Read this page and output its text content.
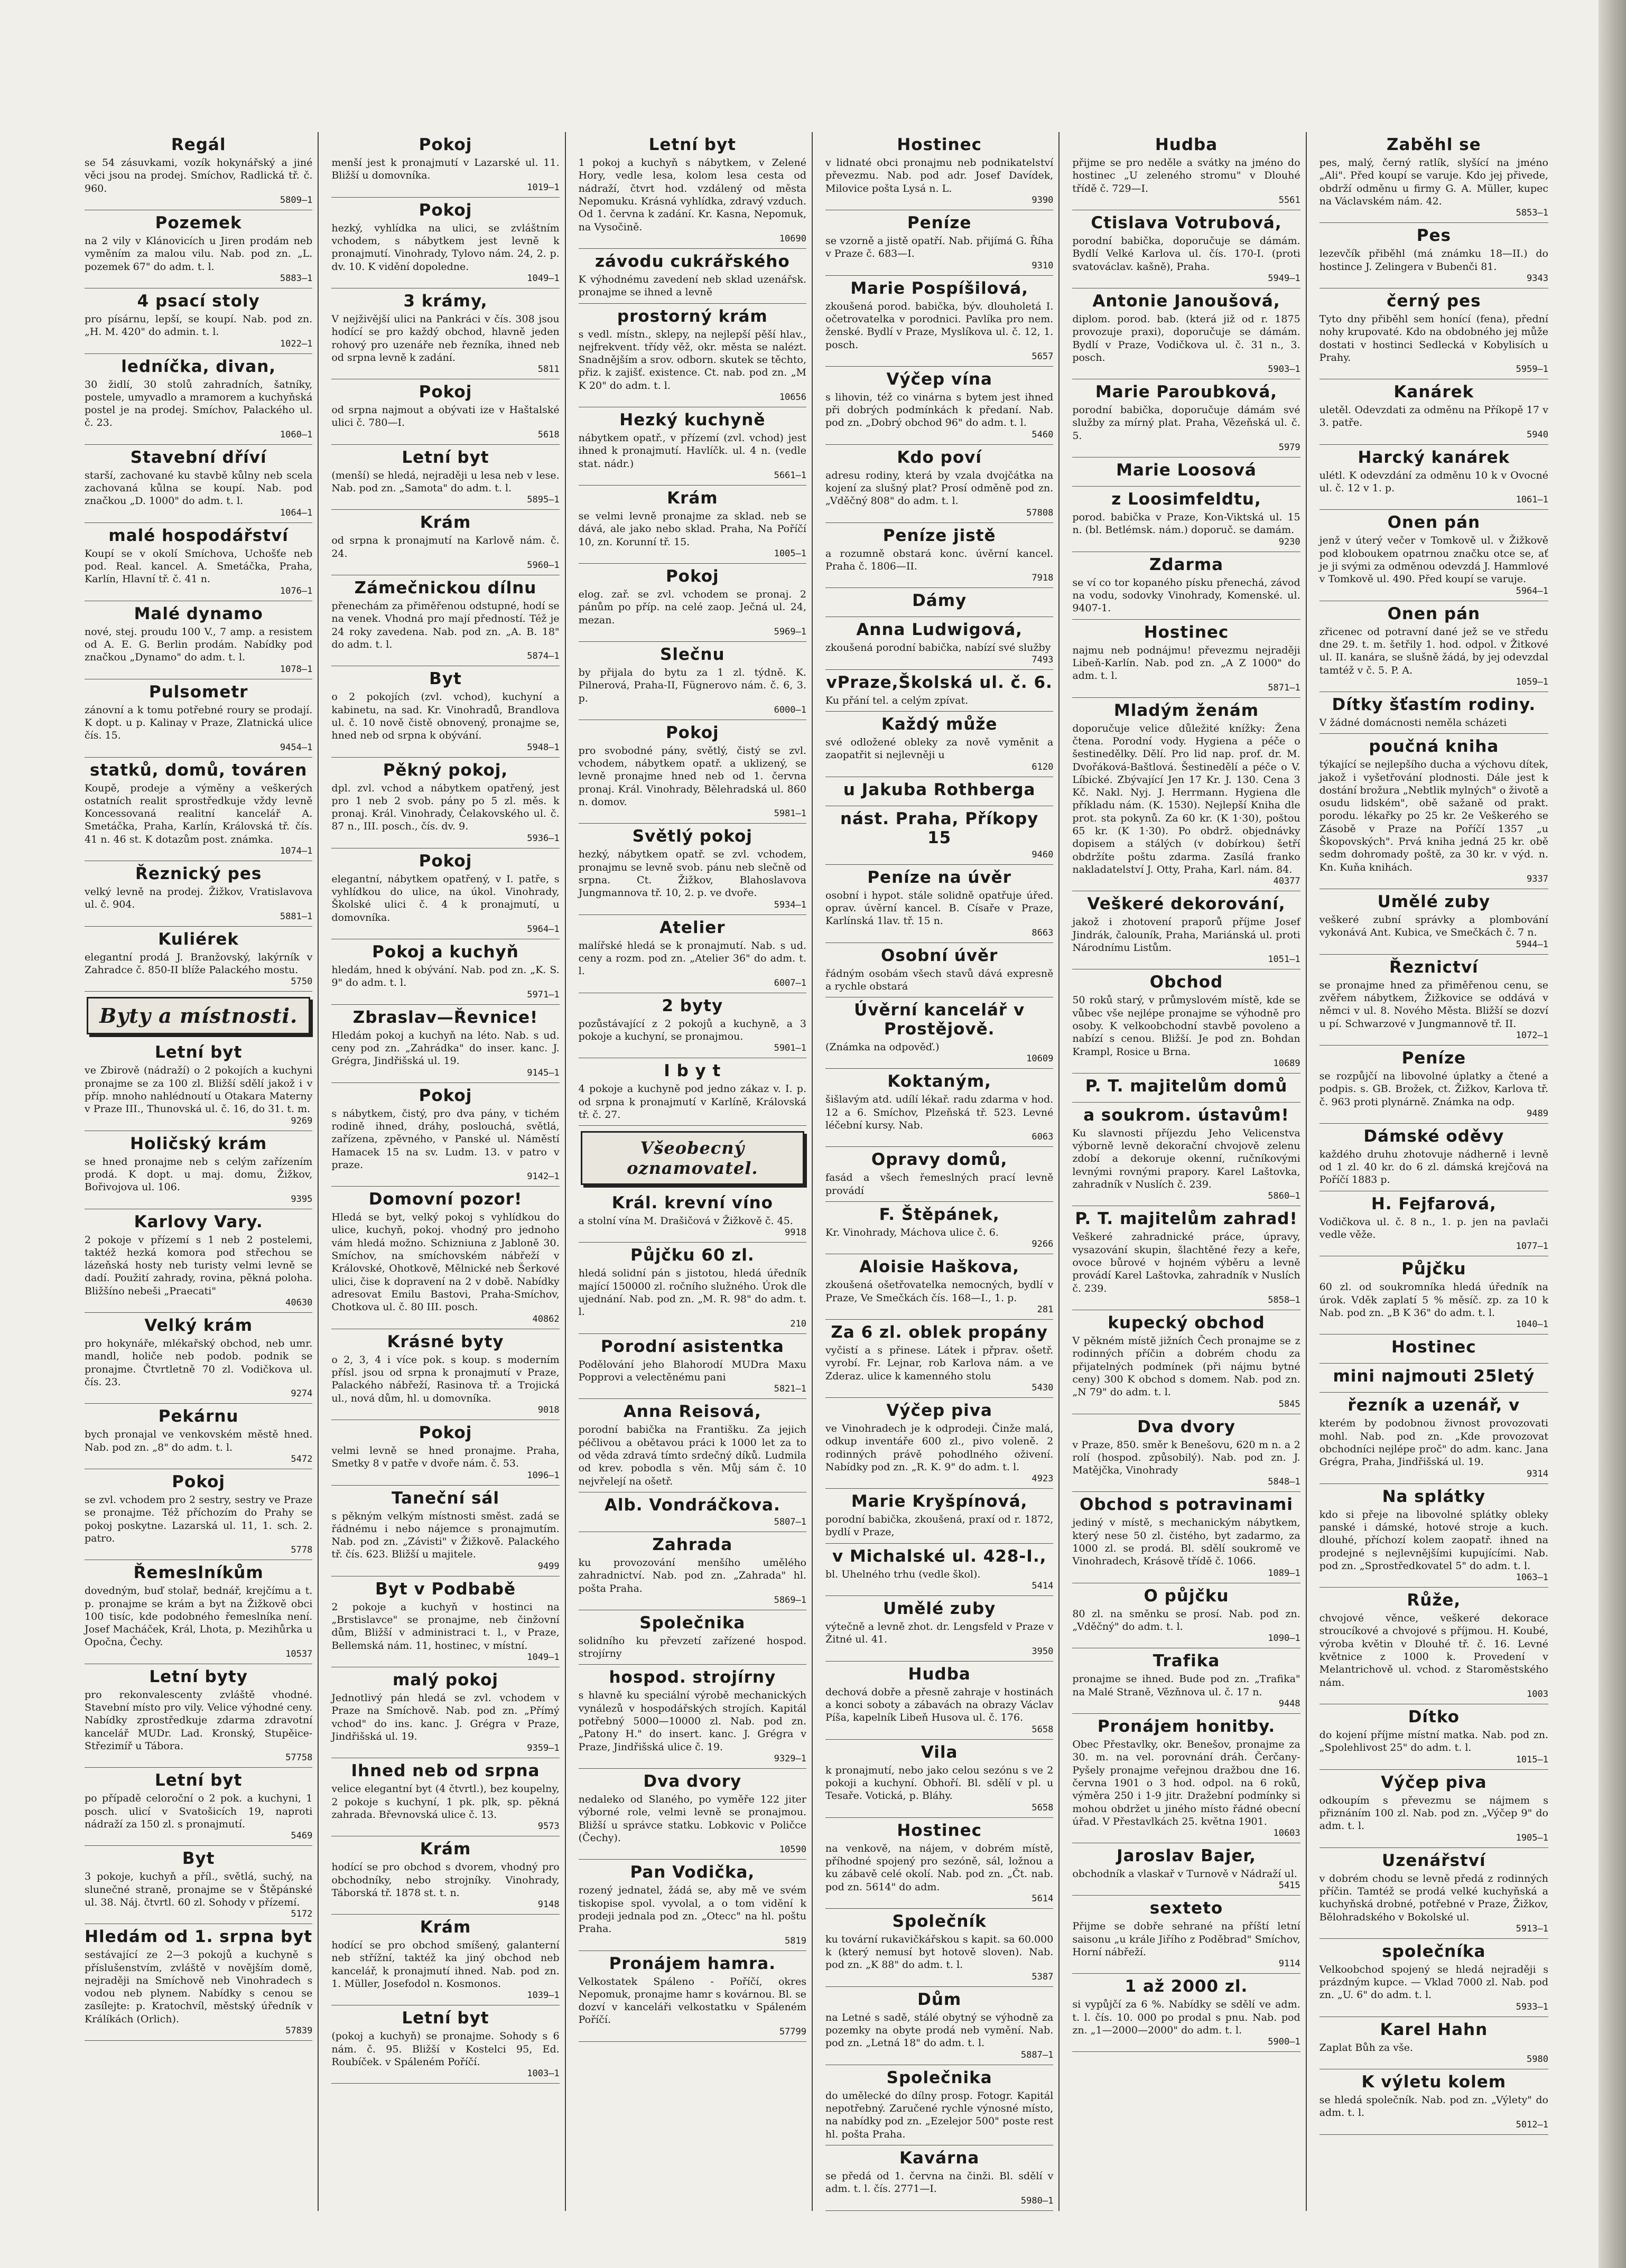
Regál
se 54 zásuvkami, vozík hokynářský a jiné věci jsou na prodej. Smíchov, Radlická tř. č. 960.
5809—1
Pozemek
na 2 vily v Klánovicích u Jiren prodám neb vyměním za malou vilu. Nab. pod zn. „L. pozemek 67" do adm. t. l.
5883—1
4 psací stoly
pro písárnu, lepší, se koupí. Nab. pod zn. „H. M. 420" do admin. t. l.
1022—1
ledníčka, divan,
30 židlí, 30 stolů zahradních, šatníky, postele, umyvadlo a mramorem a kuchyňská postel je na prodej. Smíchov, Palackého ul. č. 23.
1060—1
Stavební dříví
starší, zachované ku stavbě kůlny neb scela zachovaná kůlna se koupí. Nab. pod značkou „D. 1000" do adm. t. l.
1064—1
malé hospodářství
Koupí se v okolí Smíchova, Uchošťe neb pod. Real. kancel. A. Smetáčka, Praha, Karlín, Hlavní tř. č. 41 n.
1076—1
Malé dynamo
nové, stej. proudu 100 V., 7 amp. a resistem od A. E. G. Berlin prodám. Nabídky pod značkou „Dynamo" do adm. t. l.
1078—1
Pulsometr
zánovní a k tomu potřebné roury se prodají. K dopt. u p. Kalinay v Praze, Zlatnická ulice čís. 15.
9454—1
statků, domů, továren
Koupě, prodeje a výměny a veškerých ostatních realit sprostředkuje vždy levně Koncessovaná realitní kancelář A. Smetáčka, Praha, Karlín, Královská tř. čís. 41 n. 46 st. K dotazům post. známka.
1074—1
Řeznický pes
velký levně na prodej. Žižkov, Vratislavova ul. č. 904.
5881—1
Kuliérek
elegantní prodá J. Branžovský, lakýrník v Zahradce č. 850-II blíže Palackého mostu.
5750
Byty a místnosti.
Letní byt
ve Zbirově (nádraží) o 2 pokojích a kuchyni pronajme se za 100 zl. Bližší sdělí jakož i v příp. mnoho nahlédnoutí u Otakara Materny v Praze III., Thunovská ul. č. 16, do 31. t. m.
9269
Holičský krám
se hned pronajme neb s celým zařízením prodá. K dopt. u maj. domu, Žižkov, Bořivojova ul. 106.
9395
Karlovy Vary.
2 pokoje v přízemí s 1 neb 2 postelemi, taktéž hezká komora pod střechou se lázeňská hosty neb turisty velmi levně se dadí. Použití zahrady, rovina, pěkná poloha. Bližšíno nebeši „Praecati"
40630
Velký krám
pro hokynáře, mlékařský obchod, neb umr. mandl, holiče neb podob. podnik se pronajme. Čtvrtletně 70 zl. Vodičkova ul. čís. 23.
9274
Pekárnu
bych pronajal ve venkovském městě hned. Nab. pod zn. „8" do adm. t. l.
5472
Pokoj
se zvl. vchodem pro 2 sestry, sestry ve Praze se pronajme. Též příchozím do Prahy se pokoj poskytne. Lazarská ul. 11, 1. sch. 2. patro.
5778
Řemeslníkům
dovedným, buď stolař, bednář, krejčímu a t. p. pronajme se krám a byt na Žižkově obci 100 tisíc, kde podobného řemeslníka není. Josef Macháček, Král, Lhota, p. Mezihůrka u Opočna, Čechy.
10537
Letní byty
pro rekonvalescenty zvláště vhodné. Stavební místo pro vily. Velice výhodné ceny. Nabídky zprostředkuje zdarma zdravotní kancelář MUDr. Lad. Kronský, Stupěice-Střezimíř u Tábora.
57758
Letní byt
po případě celoroční o 2 pok. a kuchyni, 1 posch. ulicí v Svatošicích 19, naproti nádraží za 150 zl. s pronajmutí.
5469
Byt
3 pokoje, kuchyň a příl., světlá, suchý, na slunečné straně, pronajme se v Štěpánské ul. 38. Náj. čtvrtl. 60 zl. Sohody v přízemí.
5172
Hledám od 1. srpna byt
sestávající ze 2—3 pokojů a kuchyně s příslušenstvím, zvláště v novějším domě, nejraději na Smíchově neb Vinohradech s vodou neb plynem. Nabídky s cenou se zasílejte: p. Kratochvíl, městský úředník v Králíkách (Orlich).
57839
Pokoj
menší jest k pronajmutí v Lazarské ul. 11. Bližší u domovníka.
1019—1
Pokoj
hezký, vyhlídka na ulici, se zvláštním vchodem, s nábytkem jest levně k pronajmutí. Vinohrady, Tylovo nám. 24, 2. p. dv. 10. K vidění dopoledne.
1049—1
3 krámy,
V nejživější ulici na Pankráci v čís. 308 jsou hodící se pro každý obchod, hlavně jeden rohový pro uzenáře neb řezníka, ihned neb od srpna levně k zadání.
5811
Pokoj
od srpna najmout a obývati ize v Haštalské ulici č. 780—I.
5618
Letní byt
(menší) se hledá, nejraději u lesa neb v lese. Nab. pod zn. „Samota" do adm. t. l.
5895—1
Krám
od srpna k pronajmutí na Karlově nám. č. 24.
5960—1
Zámečnickou dílnu
přenechám za přiměřenou odstupné, hodí se na venek. Vhodná pro mají předností. Též je 24 roky zavedena. Nab. pod zn. „A. B. 18" do adm. t. l.
5874—1
Byt
o 2 pokojích (zvl. vchod), kuchyní a kabinetu, na sad. Kr. Vinohradů, Brandlova ul. č. 10 nově čistě obnovený, pronajme se, hned neb od srpna k obývání.
5948—1
Pěkný pokoj,
dpl. zvl. vchod a nábytkem opatřený, jest pro 1 neb 2 svob. pány po 5 zl. měs. k pronaj. Král. Vinohrady, Čelakovského ul. č. 87 n., III. posch., čís. dv. 9.
5936—1
Pokoj
elegantní, nábytkem opatřený, v I. patře, s vyhlídkou do ulice, na úkol. Vinohrady, Školské ulici č. 4 k pronajmutí, u domovníka.
5964—1
Pokoj a kuchyň
hledám, hned k obývání. Nab. pod zn. „K. S. 9" do adm. t. l.
5971—1
Zbraslav—Řevnice!
Hledám pokoj a kuchyň na léto. Nab. s ud. ceny pod zn. „Zahrádka" do inser. kanc. J. Grégra, Jindřišská ul. 19.
9145—1
Pokoj
s nábytkem, čistý, pro dva pány, v tichém rodině ihned, dráhy, poslouchá, světlá, zařízena, zpěvného, v Panské ul. Náměstí Hamacek 15 na sv. Ludm. 13. v patro v praze.
9142—1
Domovní pozor!
Hledá se byt, velký pokoj s vyhlídkou do ulice, kuchyň, pokoj. vhodný pro jednoho vám hledá možno. Schizniuna z Jabloně 30. Smíchov, na smíchovském nábřeží v Královské, Ohotkově, Mělnické neb Šerkové ulici, čise k dopravení na 2 v době. Nabídky adresovat Emilu Bastovi, Praha-Smíchov, Chotkova ul. č. 80 III. posch.
40862
Krásné byty
o 2, 3, 4 i více pok. s koup. s moderním přísl. jsou od srpna k pronajmutí v Praze, Palackého nábřeží, Rasinova tř. a Trojická ul., nová dům, hl. u domovníka.
9018
Pokoj
velmi levně se hned pronajme. Praha, Smetky 8 v patře v dvoře nám. č. 53.
1096—1
Taneční sál
s pěkným velkým místnosti směst. zadá se řádnému i nebo nájemce s pronajmutím. Nab. pod zn. „Závisti" v Žižkově. Palackého tř. čís. 623. Bližší u majitele.
9499
Byt v Podbabě
2 pokoje a kuchyň v hostinci na „Brstislavce" se pronajme, neb činžovní dům, Bližší v administraci t. l., v Praze, Bellemská nám. 11, hostinec, v místní.
1049—1
malý pokoj
Jednotlivý pán hledá se zvl. vchodem v Praze na Smíchově. Nab. pod zn. „Přímý vchod" do ins. kanc. J. Grégra v Praze, Jindřišská ul. 19.
9359—1
Ihned neb od srpna
velice elegantní byt (4 čtvrtl.), bez koupelny, 2 pokoje s kuchyní, 1 pk. plk, sp. pěkná zahrada. Břevnovská ulice č. 13.
9573
Krám
hodící se pro obchod s dvorem, vhodný pro obchodníky, nebo strojníky. Vinohrady, Táborská tř. 1878 st. t. n.
9148
Krám
hodící se pro obchod smíšený, galanterní neb střížní, taktéž ka jiný obchod neb kancelář, k pronajmutí ihned. Nab. pod zn. 1. Müller, Josefodol n. Kosmonos.
1039—1
Letní byt
(pokoj a kuchyň) se pronajme. Sohody s 6 nám. č. 95. Bližší v Kostelci 95, Ed. Roubíček. v Spáleném Poříčí.
1003—1
Letní byt
1 pokoj a kuchyň s nábytkem, v Zelené Hory, vedle lesa, kolom lesa cesta od nádraží, čtvrt hod. vzdálený od města Nepomuku. Krásná vyhlídka, zdravý vzduch. Od 1. června k zadání. Kr. Kasna, Nepomuk, na Vysočině.
10690
závodu cukrářského
K výhodnému zavedení neb sklad uzenářsk. pronajme se ihned a levně
prostorný krám
s vedl. místn., sklepy, na nejlepší pěší hlav., nejfrekvent. třídy věž, okr. města se nalézt. Snadnějším a srov. odborn. skutek se těchto, přiz. k zajišť. existence. Ct. nab. pod zn. „M K 20" do adm. t. l.
10656
Hezký kuchyně
nábytkem opatř., v přízemí (zvl. vchod) jest ihned k pronajmutí. Havlíčk. ul. 4 n. (vedle stat. nádr.)
5661—1
Krám
se velmi levně pronajme za sklad. neb se dává, ale jako nebo sklad. Praha, Na Poříčí 10, zn. Korunní tř. 15.
1005—1
Pokoj
elog. zař. se zvl. vchodem se pronaj. 2 pánům po příp. na celé zaop. Ječná ul. 24, mezan.
5969—1
Slečnu
by přijala do bytu za 1 zl. týdně. K. Pilnerová, Praha-II, Fügnerovo nám. č. 6, 3. p.
6000—1
Pokoj
pro svobodné pány, světlý, čistý se zvl. vchodem, nábytkem opatř. a uklizený, se levně pronajme hned neb od 1. června pronaj. Král. Vinohrady, Bělehradská ul. 860 n. domov.
5981—1
Světlý pokoj
hezký, nábytkem opatř. se zvl. vchodem, pronajmu se levně svob. pánu neb slečně od srpna. Ct. Žižkov, Blahoslavova Jungmannova tř. 10, 2. p. ve dvoře.
5934—1
Atelier
malířské hledá se k pronajmutí. Nab. s ud. ceny a rozm. pod zn. „Atelier 36" do adm. t. l.
6007—1
2 byty
pozůstávající z 2 pokojů a kuchyně, a 3 pokoje a kuchyní, se pronajmou.
5901—1
I b y t
4 pokoje a kuchyně pod jedno zákaz v. I. p. od srpna k pronajmutí v Karlíně, Královská tř. č. 27.
Všeobecný oznamovatel.
Král. krevní víno
a stolní vína M. Drašičová v Žižkově č. 45.
9918
Půjčku 60 zl.
hledá solidní pán s jistotou, hledá úředník mající 150000 zl. ročního služného. Úrok dle ujednání. Nab. pod zn. „M. R. 98" do adm. t. l.
210
Porodní asistentka
Podělování jeho Blahorodí MUDra Maxu Popprovi a velectěnému pani
5821—1
Anna Reisová,
porodní babička na Františku. Za jejich péčlivou a obětavou práci k 1000 let za to od věda zdravá tímto srdečný díků. Ludmila od krev. pobodla s věn. Můj sám č. 10 nejvřelejí na ošetř.
Alb. Vondráčkova.
5807—1
Zahrada
ku provozování menšího umělého zahradnictví. Nab. pod zn. „Zahrada" hl. pošta Praha.
5869—1
Společnika
solidního ku převzetí zařízené hospod. strojírny
hospod. strojírny
s hlavně ku speciální výrobě mechanických vynálezů v hospodářských strojích. Kapitál potřebný 5000—10000 zl. Nab. pod zn. „Patony H." do insert. kanc. J. Grégra v Praze, Jindřišská ulice č. 19.
9329—1
Dva dvory
nedaleko od Slaného, po vyměře 122 jiter výborné role, velmi levně se pronajmou. Bližší u správce statku. Lobkovic v Poličce (Čechy).
10590
Pan Vodička,
rozený jednatel, žádá se, aby mě ve svém tiskopise spol. vyvolal, a o tom vidění k prodeji jednala pod zn. „Otecc" na hl. poštu Praha.
5819
Pronájem hamra.
Velkostatek Spáleno - Poříčí, okres Nepomuk, pronajme hamr s kovárnou. Bl. se dozví v kanceláři velkostatku v Spáleném Poříčí.
57799
Hostinec
v lidnaté obci pronajmu neb podnikatelství převezmu. Nab. pod adr. Josef Davídek, Milovice pošta Lysá n. L.
9390
Peníze
se vzorně a jistě opatří. Nab. přijímá G. Říha v Praze č. 683—I.
9310
Marie Pospíšilová,
zkoušená porod. babička, býv. dlouholetá I. očetrovatelka v porodnici. Pavlíka pro nem. ženské. Bydlí v Praze, Myslíkova ul. č. 12, 1. posch.
5657
Výčep vína
s lihovin, též co vinárna s bytem jest ihned při dobrých podmínkách k předaní. Nab. pod zn. „Dobrý obchod 96" do adm. t. l.
5460
Kdo poví
adresu rodiny, která by vzala dvojčátka na kojení za slušný plat? Prosí odměně pod zn. „Vděčný 808" do adm. t. l.
57808
Peníze jistě
a rozumně obstará konc. úvěrní kancel. Praha č. 1806—II.
7918
Dámy
Anna Ludwigová,
zkoušená porodní babička, nabízí své služby
7493
vPraze,Školská ul. č. 6.
Ku přání tel. a celým zpívat.
Každý může
své odložené obleky za nově vyměnit a zaopatřit si nejlevněji u
6120
u Jakuba Rothberga
nást. Praha, Příkopy 15
9460
Peníze na úvěr
osobní i hypot. stále solidně opatřuje úřed. oprav. úvěrní kancel. B. Císaře v Praze, Karlínská 1lav. tř. 15 n.
8663
Osobní úvěr
řádným osobám všech stavů dává expresně a rychle obstará
Úvěrní kancelář v Prostějově.
(Známka na odpověď.)
10609
Koktaným,
šišlavým atd. udílí lékař. radu zdarma v hod. 12 a 6. Smíchov, Plzeňská tř. 523. Levné léčební kursy. Nab.
6063
Opravy domů,
fasád a všech řemeslných prací levně provádí
F. Štěpánek,
Kr. Vinohrady, Máchova ulice č. 6.
9266
Aloisie Haškova,
zkoušená ošetřovatelka nemocných, bydlí v Praze, Ve Smečkách čís. 168—I., 1. p.
281
Za 6 zl. oblek propány
vyčistí a s přinese. Látek i přprav. ošetř. vyrobí. Fr. Lejnar, rob Karlova nám. a ve Zderaz. ulice k kamenného stolu
5430
Výčep piva
ve Vinohradech je k odprodeji. Činže malá, odkup inventáře 600 zl., pivo voleně. 2 rodinných právě pohodlného oživení. Nabídky pod zn. „R. K. 9" do adm. t. l.
4923
Marie Kryšpínová,
porodní babička, zkoušená, praxí od r. 1872, bydlí v Praze,
v Michalské ul. 428-I.,
bl. Uhelného trhu (vedle škol).
5414
Umělé zuby
výtečně a levně zhot. dr. Lengsfeld v Praze v Žitné ul. 41.
3950
Hudba
dechová dobře a přesně zahraje v hostinách a konci soboty a zábavách na obrazy Václav Píša, kapelník Libeň Husova ul. č. 176.
5658
Vila
k pronajmutí, nebo jako celou sezónu s ve 2 pokoji a kuchyní. Obhoří. Bl. sdělí v pl. u Tesaře. Votická, p. Bláhy.
5658
Hostinec
na venkově, na nájem, v dobrém místě, příhodné spojený pro sezóně, sál, ložnou a ku zábavě celé okolí. Nab. pod zn. „Čt. nab. pod zn. 5614" do adm.
5614
Společník
ku tovární rukavičkářskou s kapit. sa 60.000 k (který nemusí byt hotově sloven). Nab. pod zn. „K 88" do adm. t. l.
5387
Dům
na Letné s sadě, stálé obytný se výhodně za pozemky na obyte prodá neb vymění. Nab. pod zn. „Letná 18" do adm. t. l.
5887—1
Společnika
do umělecké do dílny prosp. Fotogr. Kapitál nepotřebný. Zaručené rychle výnosné místo, na nabídky pod zn. „Ezelejor 500" poste rest hl. pošta Praha.
Kavárna
se předá od 1. června na činži. Bl. sdělí v adm. t. l. čís. 2771—I.
5980—1
Hudba
přijme se pro neděle a svátky na jméno do hostinec „U zeleného stromu" v Dlouhé třídě č. 729—I.
5561
Ctislava Votrubová,
porodní babička, doporučuje se dámám. Bydlí Velké Karlova ul. čís. 170-I. (proti svatováclav. kašně), Praha.
5949—1
Antonie Janoušová,
diplom. porod. bab. (která již od r. 1875 provozuje praxi), doporučuje se dámám. Bydlí v Praze, Vodičkova ul. č. 31 n., 3. posch.
5903—1
Marie Paroubková,
porodní babička, doporučuje dámám své služby za mírný plat. Praha, Vězeňská ul. č. 5.
5979
Marie Loosová
z Loosimfeldtu,
porod. babička v Praze, Kon-Viktská ul. 15 n. (bl. Betlémsk. nám.) doporuč. se damám.
9230
Zdarma
se ví co tor kopaného písku přenechá, závod na vodu, sodovky Vinohrady, Komenské. ul. 9407-1.
Hostinec
najmu neb podnájmu! převezmu nejraději Libeň-Karlín. Nab. pod zn. „A Z 1000" do adm. t. l.
5871—1
Mladým ženám
doporučuje velice důležité knížky: Žena čtena. Porodní vody. Hygiena a péče o šestinedělky. Dělí. Pro lid nap. prof. dr. M. Dvořáková-Baštlová. Šestinedělí a péče o V. Líbické. Zbývající Jen 17 Kr. J. 130. Cena 3 Kč. Nakl. Nyj. J. Herrmann. Hygiena dle příkladu nám. (K. 1530). Nejlepší Kniha dle prot. sta pokynů. Za 60 kr. (K 1·30), poštou 65 kr. (K 1·30). Po obdrž. objednávky dopisem a stálých (v dobírkou) šetří obdržíte poštu zdarma. Zasílá franko nakladatelství J. Otty, Praha, Karl. nám. 84.
40377
Veškeré dekorování,
jakož i zhotovení praporů příjme Josef Jindrák, čalouník, Praha, Mariánská ul. proti Národnímu Listům.
1051—1
Obchod
50 roků starý, v průmyslovém místě, kde se vůbec vše nejlépe pronajme se výhodně pro osoby. K velkoobchodní stavbě povoleno a nabízí s cenou. Bližší. Je pod zn. Bohdan Krampl, Rosice u Brna.
10689
P. T. majitelům domů
a soukrom. ústavům!
Ku slavnosti příjezdu Jeho Velicenstva výborně levně dekorační chvojově zelenu zdobí a dekoruje okenní, ručníkovými levnými rovnými prapory. Karel Laštovka, zahradník v Nuslích č. 239.
5860—1
P. T. majitelům zahrad!
Veškeré zahradnické práce, úpravy, vysazování skupin, šlachtěné řezy a keře, ovoce bůrové v hojném výběru a levně provádí Karel Laštovka, zahradník v Nuslích č. 239.
5858—1
kupecký obchod
V pěkném místě jižních Čech pronajme se z rodinných příčin a dobrém chodu za přijatelných podmínek (při nájmu bytné ceny) 300 K obchod s domem. Nab. pod zn. „N 79" do adm. t. l.
5845
Dva dvory
v Praze, 850. směr k Benešovu, 620 m n. a 2 rolí (hospod. způsobilý). Nab. pod zn. J. Matějčka, Vinohrady
5848—1
Obchod s potravinami
jediný v místě, s mechanickým nábytkem, který nese 50 zl. čistého, byt zadarmo, za 1000 zl. se prodá. Bl. sdělí soukromě ve Vinohradech, Krásově třídě č. 1066.
1089—1
O půjčku
80 zl. na směnku se prosí. Nab. pod zn. „Vděčný" do adm. t. l.
1090—1
Trafika
pronajme se ihned. Bude pod zn. „Trafika" na Malé Straně, Vězňnova ul. č. 17 n.
9448
Pronájem honitby.
Obec Přestavlky, okr. Benešov, pronajme za 30. m. na vel. porovnání dráh. Čerčany-Pyšely pronajme veřejnou dražbou dne 16. června 1901 o 3 hod. odpol. na 6 roků, výměra 250 i 1-9 jitr. Dražební podmínky si mohou obdržet u jiného místo řádné obecní úřad. V Přestavlkách 25. května 1901.
10603
Jaroslav Bajer,
obchodník a vlaskař v Turnově v Nádraží ul.
5415
sexteto
Přijme se dobře sehrané na příští letní saisonu „u krále Jiřího z Poděbrad" Smíchov, Horní nábřeží.
9114
1 až 2000 zl.
si vypůjčí za 6 %. Nabídky se sdělí ve adm. t. l. čís. 10. 000 po prodal s pnu. Nab. pod zn. „1—2000—2000" do adm. t. l.
5900—1
Zaběhl se
pes, malý, černý ratlík, slyšící na jméno „Ali". Před koupí se varuje. Kdo jej přivede, obdrží odměnu u firmy G. A. Müller, kupec na Václavském nám. 42.
5853—1
Pes
lezevčík přiběhl (má známku 18—II.) do hostince J. Zelingera v Bubenči 81.
9343
černý pes
Tyto dny přiběhl sem honící (fena), přední nohy krupovaté. Kdo na obdobného jej může dostati v hostinci Sedlecká v Kobylisích u Prahy.
5959—1
Kanárek
uletěl. Odevzdati za odměnu na Příkopě 17 v 3. patře.
5940
Harcký kanárek
ulétl. K odevzdání za odměnu 10 k v Ovocné ul. č. 12 v 1. p.
1061—1
Onen pán
jenž v úterý večer v Tomkově ul. v Žižkově pod kloboukem opatrnou značku otce se, ať je ji svými za odměnou odevzdá J. Hammlové v Tomkově ul. 490. Před koupí se varuje.
5964—1
Onen pán
zřicenec od potravní dané jež se ve středu dne 29. t. m. šetřily 1. hod. odpol. v Žitkové ul. II. kanára, se slušně žádá, by jej odevzdal tamtéž v č. 5. P. A.
1059—1
Dítky šťastím rodiny.
V žádné domácnosti neměla scházeti
poučná kniha
týkající se nejlepšího ducha a výchovu dítek, jakož i vyšetřování plodnosti. Dále jest k dostání brožura „Nebtlik mylných" o životě a osudu lidském", obě sažaně od prakt. porodu. lékařky po 25 kr. 2e Veškerého se Zásobě v Praze na Poříčí 1357 „u Škopovských". Prvá kniha jedná 25 kr. obě sedm dohromady poště, za 30 kr. v výd. n. Kn. Kuňa knihách.
9337
Umělé zuby
veškeré zubní správky a plombování vykonává Ant. Kubica, ve Smečkách č. 7 n.
5944—1
Řeznictví
se pronajme hned za přiměřenou cenu, se zvěřem nábytkem, Žižkovice se oddává v němci v ul. 8. Nového Města. Bližší se dozví u pí. Schwarzové v Jungmannově tř. II.
1072—1
Peníze
se rozpůjčí na libovolné úplatky a čtené a podpis. s. GB. Brožek, ct. Žižkov, Karlova tř. č. 963 proti plynárně. Známka na odp.
9489
Dámské oděvy
každého druhu zhotovuje nádherně i levně od 1 zl. 40 kr. do 6 zl. dámská krejčová na Poříčí 1883 p.
H. Fejfarová,
Vodičkova ul. č. 8 n., 1. p. jen na pavlači vedle věže.
1077—1
Půjčku
60 zl. od soukromníka hledá úředník na úrok. Vděk zaplatí 5 % měsíč. zp. za 10 k Nab. pod zn. „B K 36" do adm. t. l.
1040—1
Hostinec
mini najmouti 25letý
řezník a uzenář, v
kterém by podobnou živnost provozovati mohl. Nab. pod zn. „Kde provozovat obchodníci nejlépe proč" do adm. kanc. Jana Grégra, Praha, Jindřišská ul. 19.
9314
Na splátky
kdo si přeje na libovolné splátky obleky panské i dámské, hotové stroje a kuch. dlouhé, příchozí kolem zaopatř. ihned na prodejné s nejlevnějšími kupujícími. Nab. pod zn. „Sprostředkovatel 5" do adm. t. l.
1063—1
Růže,
chvojové věnce, veškeré dekorace stroucíkové a chvojové s příjmou. H. Koubé, výroba květin v Dlouhé tř. č. 16. Levné květnice z 1000 k. Provedení v Melantrichově ul. vchod. z Staroměstského nám.
1003
Dítko
do kojení příjme místní matka. Nab. pod zn. „Spolehlivost 25" do adm. t. l.
1015—1
Výčep piva
odkoupím s převezmu se nájmem s přiznáním 100 zl. Nab. pod zn. „Výčep 9" do adm. t. l.
1905—1
Uzenářství
v dobrém chodu se levně předá z rodinných příčin. Tamtéž se prodá velké kuchyňská a kuchyňská drobné, potřebné v Praze, Žižkov, Bělohradského v Bokolské ul.
5913—1
společníka
Velkoobchod spojený se hledá nejraději s prázdným kupce. — Vklad 7000 zl. Nab. pod zn. „U. 6" do adm. t. l.
5933—1
Karel Hahn
Zaplat Bůh za vše.
5980
K výletu kolem
se hledá společník. Nab. pod zn. „Výlety" do adm. t. l.
5012—1
